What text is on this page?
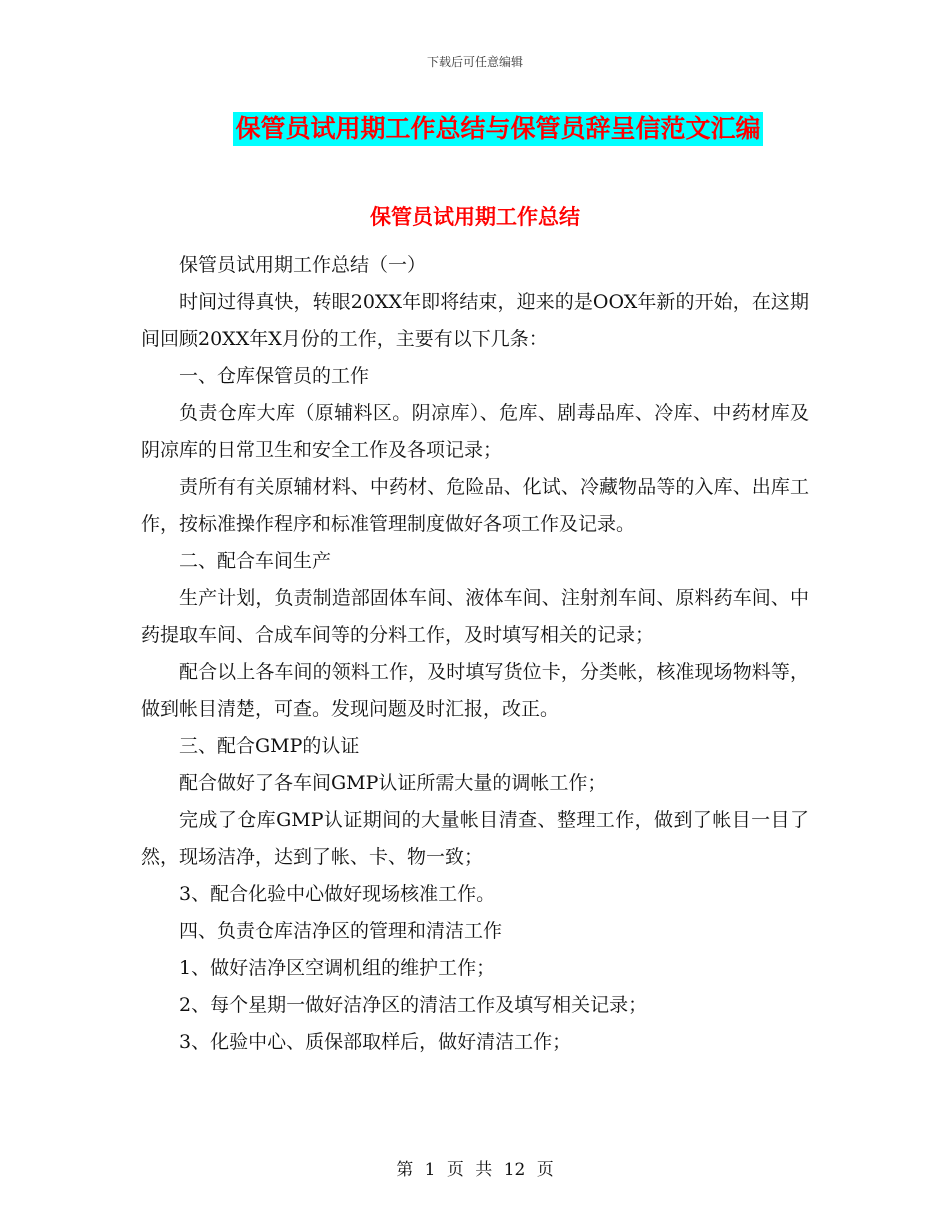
下载后可任意编辑
保管员试用期工作总结与保管员辞呈信范文汇编
保管员试用期工作总结

保管员试用期工作总结（一）

时间过得真快，转眼20XX年即将结束，迎来的是OOX年新的开始，在这期间回顾20XX年X月份的工作，主要有以下几条：

一、仓库保管员的工作

负责仓库大库（原辅料区。阴凉库）、危库、剧毒品库、冷库、中药材库及阴凉库的日常卫生和安全工作及各项记录；

责所有有关原辅材料、中药材、危险品、化试、冷藏物品等的入库、出库工作，按标准操作程序和标准管理制度做好各项工作及记录。

二、配合车间生产

生产计划，负责制造部固体车间、液体车间、注射剂车间、原料药车间、中药提取车间、合成车间等的分料工作，及时填写相关的记录；

配合以上各车间的领料工作，及时填写货位卡，分类帐，核准现场物料等，做到帐目清楚，可查。发现问题及时汇报，改正。

三、配合GMP的认证

配合做好了各车间GMP认证所需大量的调帐工作；

完成了仓库GMP认证期间的大量帐目清查、整理工作，做到了帐目一目了然，现场洁净，达到了帐、卡、物一致；

3、配合化验中心做好现场核准工作。

四、负责仓库洁净区的管理和清洁工作

1、做好洁净区空调机组的维护工作；

2、每个星期一做好洁净区的清洁工作及填写相关记录；

3、化验中心、质保部取样后，做好清洁工作；

第 1 页 共 12 页
